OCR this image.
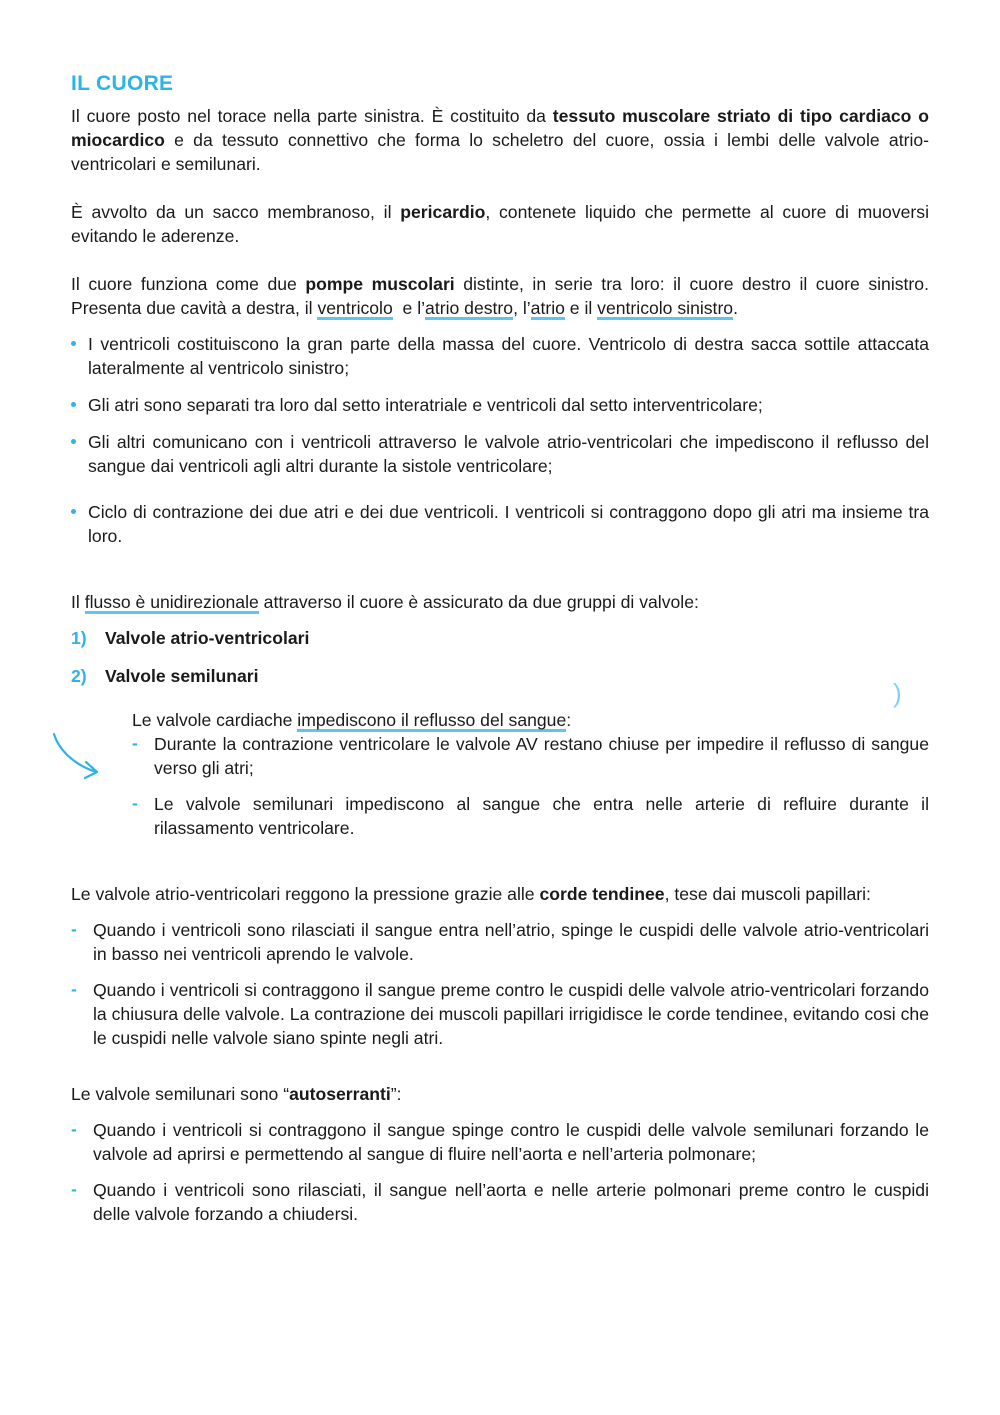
IL CUORE

Il cuore posto nel torace nella parte sinistra. È costituito da tessuto muscolare striato di tipo cardiaco o miocardico e da tessuto connettivo che forma lo scheletro del cuore, ossia i lembi delle valvole atrio-ventricolari e semilunari.

È avvolto da un sacco membranoso, il pericardio, contenete liquido che permette al cuore di muoversi evitando le aderenze.

Il cuore funziona come due pompe muscolari distinte, in serie tra loro: il cuore destro il cuore sinistro. Presenta due cavità a destra, il ventricolo  e l’atrio destro, l’atrio e il ventricolo sinistro.

I ventricoli costituiscono la gran parte della massa del cuore. Ventricolo di destra sacca sottile attaccata lateralmente al ventricolo sinistro;
Gli atri sono separati tra loro dal setto interatriale e ventricoli dal setto interventricolare;
Gli altri comunicano con i ventricoli attraverso le valvole atrio-ventricolari che impediscono il reflusso del sangue dai ventricoli agli altri durante la sistole ventricolare;
Ciclo di contrazione dei due atri e dei due ventricoli. I ventricoli si contraggono dopo gli atri ma insieme tra loro.

Il flusso è unidirezionale attraverso il cuore è assicurato da due gruppi di valvole:

1) Valvole atrio-ventricolari
2) Valvole semilunari

Le valvole cardiache impediscono il reflusso del sangue:

- Durante la contrazione ventricolare le valvole AV restano chiuse per impedire il reflusso di sangue verso gli atri;
- Le valvole semilunari impediscono al sangue che entra nelle arterie di refluire durante il rilassamento ventricolare.

Le valvole atrio-ventricolari reggono la pressione grazie alle corde tendinee, tese dai muscoli papillari:

- Quando i ventricoli sono rilasciati il sangue entra nell’atrio, spinge le cuspidi delle valvole atrio-ventricolari in basso nei ventricoli aprendo le valvole.
- Quando i ventricoli si contraggono il sangue preme contro le cuspidi delle valvole atrio-ventricolari forzando la chiusura delle valvole. La contrazione dei muscoli papillari irrigidisce le corde tendinee, evitando cosi che le cuspidi nelle valvole siano spinte negli atri.

Le valvole semilunari sono “autoserranti”:

- Quando i ventricoli si contraggono il sangue spinge contro le cuspidi delle valvole semilunari forzando le valvole ad aprirsi e permettendo al sangue di fluire nell’aorta e nell’arteria polmonare;
- Quando i ventricoli sono rilasciati, il sangue nell’aorta e nelle arterie polmonari preme contro le cuspidi delle valvole forzando a chiudersi.
)
